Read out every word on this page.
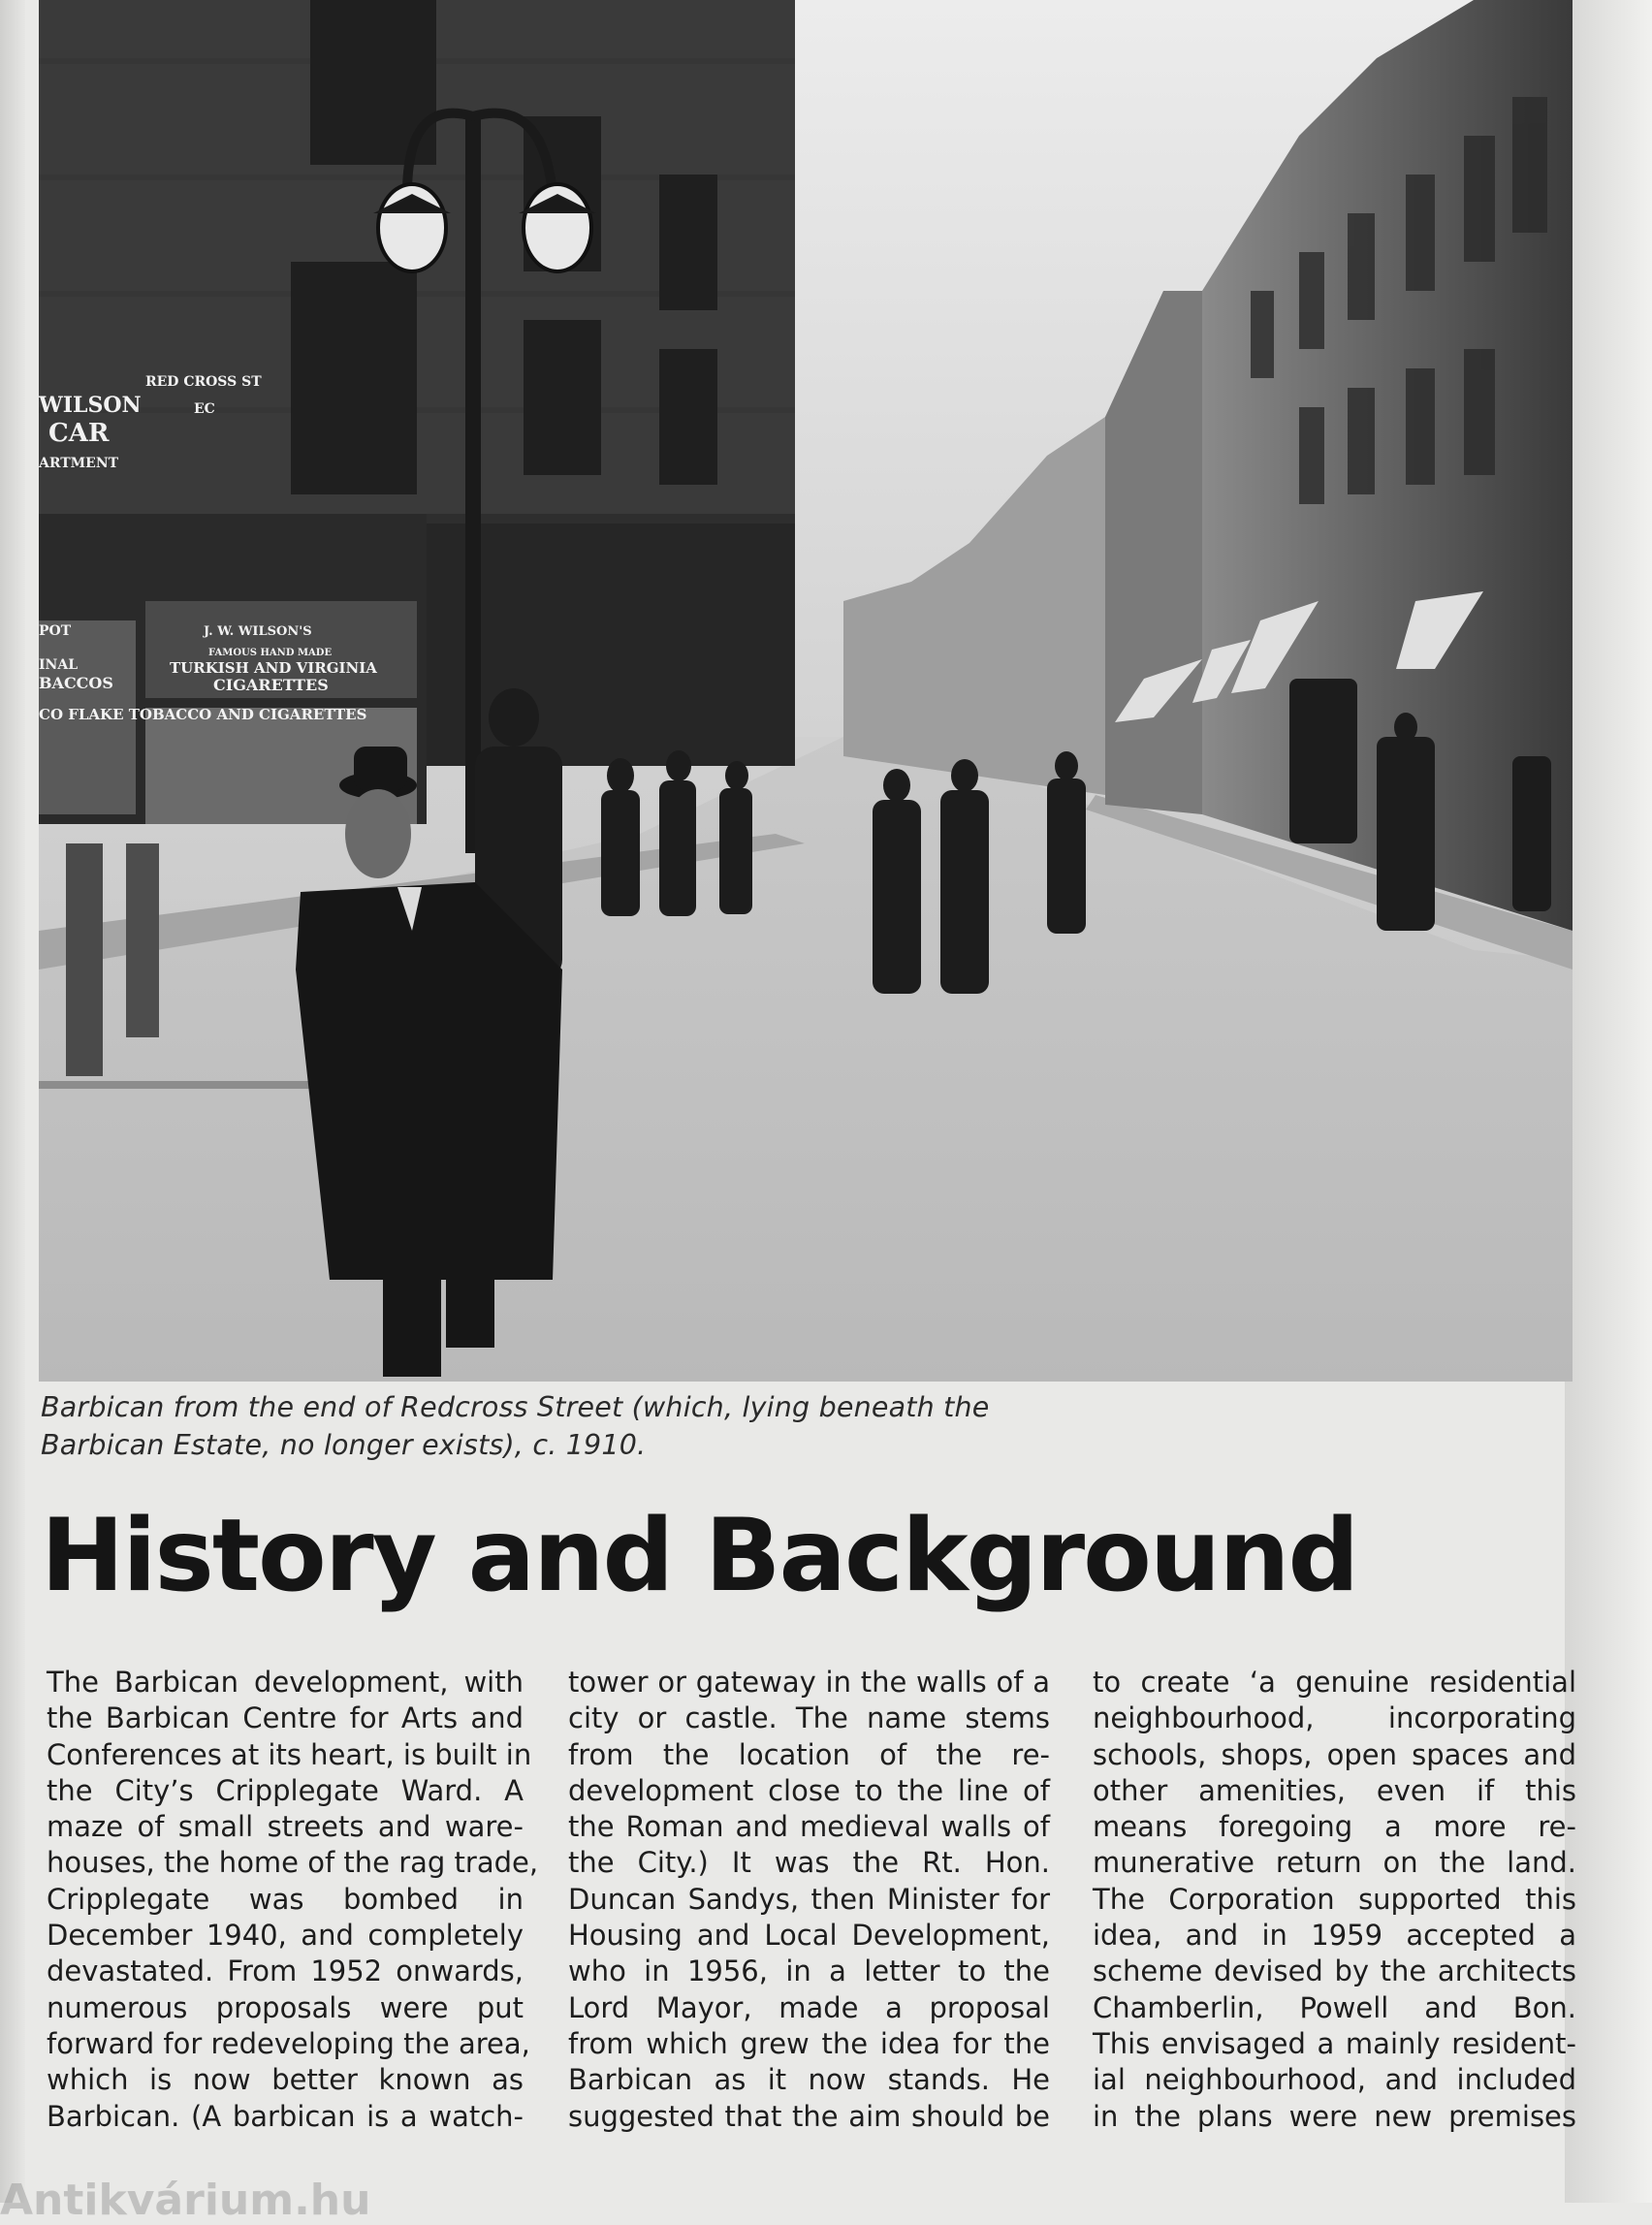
WILSON
CAR
ARTMENT
RED CROSS ST
EC
J. W. WILSON'S
FAMOUS HAND MADE
TURKISH AND VIRGINIA
CIGARETTES
CO FLAKE TOBACCO AND CIGARETTES
POT
INAL
BACCOS
Barbican from the end of Redcross Street (which, lying beneath the
Barbican Estate, no longer exists), c. 1910.
History and Background
The Barbican development, with
the Barbican Centre for Arts and
Conferences at its heart, is built in
the City’s Cripplegate Ward. A
maze of small streets and ware-
houses, the home of the rag trade,
Cripplegate was bombed in
December 1940, and completely
devastated. From 1952 onwards,
numerous proposals were put
forward for redeveloping the area,
which is now better known as
Barbican. (A barbican is a watch-
tower or gateway in the walls of a
city or castle. The name stems
from the location of the re-
development close to the line of
the Roman and medieval walls of
the City.) It was the Rt. Hon.
Duncan Sandys, then Minister for
Housing and Local Development,
who in 1956, in a letter to the
Lord Mayor, made a proposal
from which grew the idea for the
Barbican as it now stands. He
suggested that the aim should be
to create ‘a genuine residential
neighbourhood, incorporating
schools, shops, open spaces and
other amenities, even if this
means foregoing a more re-
munerative return on the land.
The Corporation supported this
idea, and in 1959 accepted a
scheme devised by the architects
Chamberlin, Powell and Bon.
This envisaged a mainly resident-
ial neighbourhood, and included
in the plans were new premises
Antikvárium.hu
